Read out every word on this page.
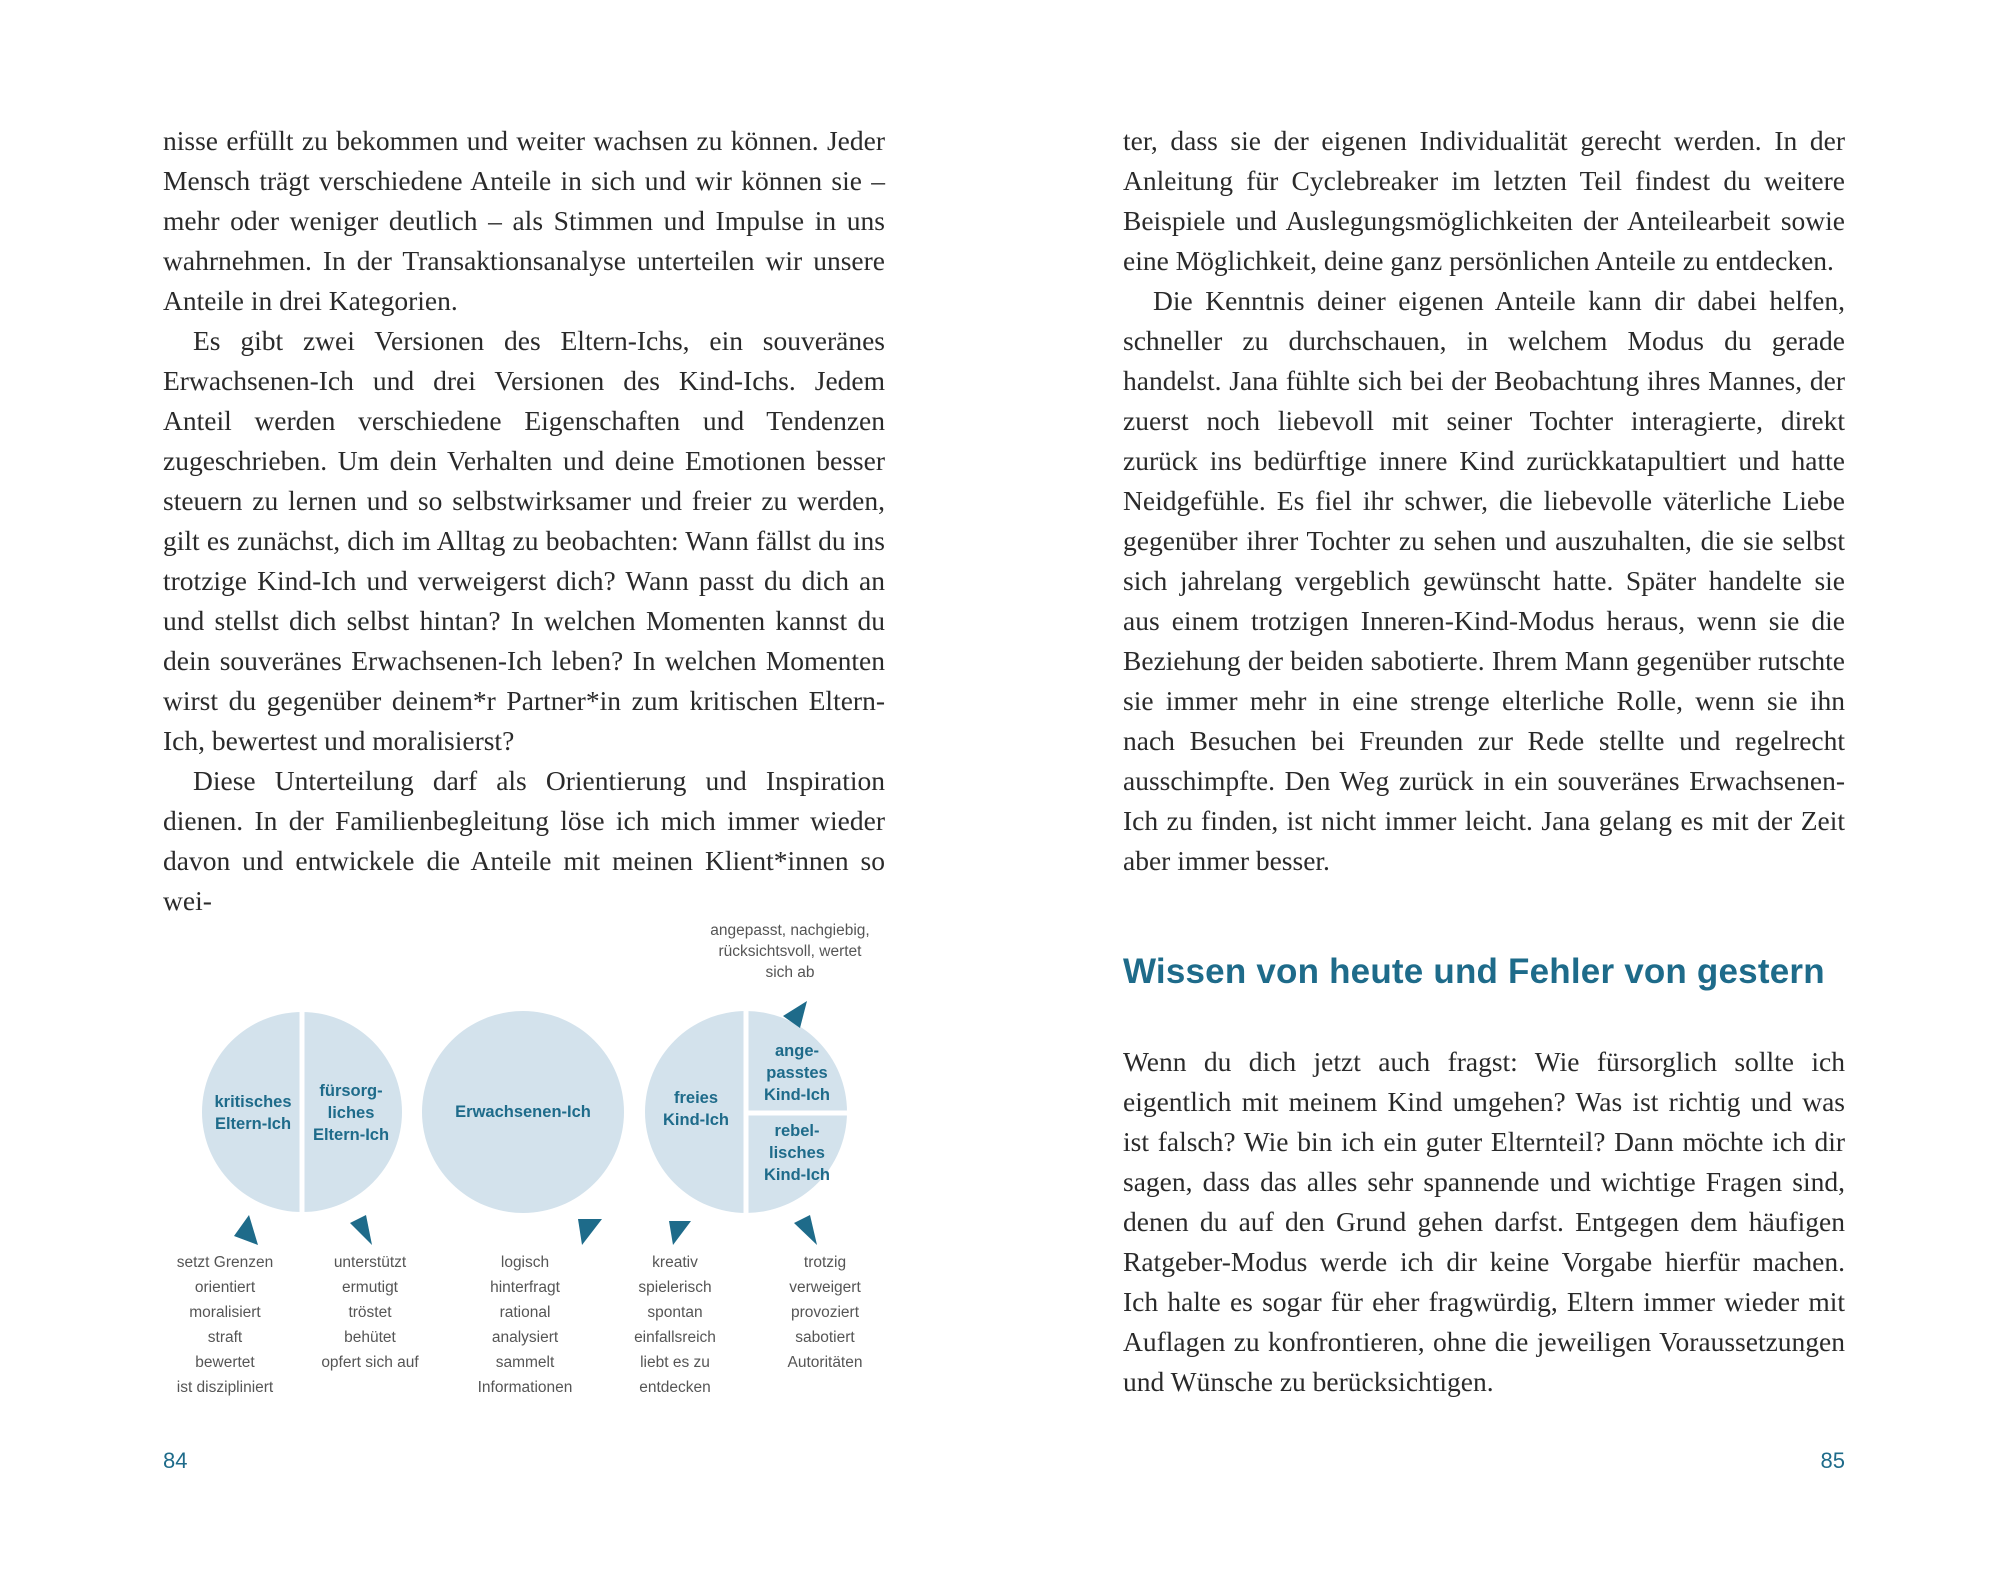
nisse erfüllt zu bekommen und weiter wachsen zu können. Jeder Mensch trägt verschiedene Anteile in sich und wir können sie – mehr oder weniger deutlich – als Stimmen und Impulse in uns wahrnehmen. In der Transaktionsanalyse unterteilen wir unsere Anteile in drei Kategorien.

Es gibt zwei Versionen des Eltern-Ichs, ein souveränes Erwachsenen-Ich und drei Versionen des Kind-Ichs. Jedem Anteil werden verschiedene Eigenschaften und Tendenzen zugeschrieben. Um dein Verhalten und deine Emotionen besser steuern zu lernen und so selbstwirksamer und freier zu werden, gilt es zunächst, dich im Alltag zu beobachten: Wann fällst du ins trotzige Kind-Ich und verweigerst dich? Wann passt du dich an und stellst dich selbst hintan? In welchen Momenten kannst du dein souveränes Erwachsenen-Ich leben? In welchen Momenten wirst du gegenüber deinem*r Partner*in zum kritischen Eltern-Ich, bewertest und moralisierst?

Diese Unterteilung darf als Orientierung und Inspiration dienen. In der Familienbegleitung löse ich mich immer wieder davon und entwickele die Anteile mit meinen Klient*innen so wei-

kritisches
Eltern-Ich
fürsorg-
liches
Eltern-Ich
Erwachsenen-Ich
freies
Kind-Ich
ange-
passtes
Kind-Ich
rebel-
lisches
Kind-Ich
angepasst, nachgiebig,
rücksichtsvoll, wertet
sich ab
setzt Grenzen
orientiert
moralisiert
straft
bewertet
ist diszipliniert
unterstützt
ermutigt
tröstet
behütet
opfert sich auf
logisch
hinterfragt
rational
analysiert
sammelt
Informationen
kreativ
spielerisch
spontan
einfallsreich
liebt es zu
entdecken
trotzig
verweigert
provoziert
sabotiert
Autoritäten
84

ter, dass sie der eigenen Individualität gerecht werden. In der Anleitung für Cyclebreaker im letzten Teil findest du weitere Beispiele und Auslegungsmöglichkeiten der Anteilearbeit sowie eine Möglichkeit, deine ganz persönlichen Anteile zu entdecken.

Die Kenntnis deiner eigenen Anteile kann dir dabei helfen, schneller zu durchschauen, in welchem Modus du gerade handelst. Jana fühlte sich bei der Beobachtung ihres Mannes, der zuerst noch liebevoll mit seiner Tochter interagierte, direkt zurück ins bedürftige innere Kind zurückkatapultiert und hatte Neidgefühle. Es fiel ihr schwer, die liebevolle väterliche Liebe gegenüber ihrer Tochter zu sehen und auszuhalten, die sie selbst sich jahrelang vergeblich gewünscht hatte. Später handelte sie aus einem trotzigen Inneren-Kind-Modus heraus, wenn sie die Beziehung der beiden sabotierte. Ihrem Mann gegenüber rutschte sie immer mehr in eine strenge elterliche Rolle, wenn sie ihn nach Besuchen bei Freunden zur Rede stellte und regelrecht ausschimpfte. Den Weg zurück in ein souveränes Erwachsenen-Ich zu finden, ist nicht immer leicht. Jana gelang es mit der Zeit aber immer besser.

Wissen von heute und Fehler von gestern

Wenn du dich jetzt auch fragst: Wie fürsorglich sollte ich eigentlich mit meinem Kind umgehen? Was ist richtig und was ist falsch? Wie bin ich ein guter Elternteil? Dann möchte ich dir sagen, dass das alles sehr spannende und wichtige Fragen sind, denen du auf den Grund gehen darfst. Entgegen dem häufigen Ratgeber-Modus werde ich dir keine Vorgabe hierfür machen. Ich halte es sogar für eher fragwürdig, Eltern immer wieder mit Auflagen zu konfrontieren, ohne die jeweiligen Voraussetzungen und Wünsche zu berücksichtigen.

85
